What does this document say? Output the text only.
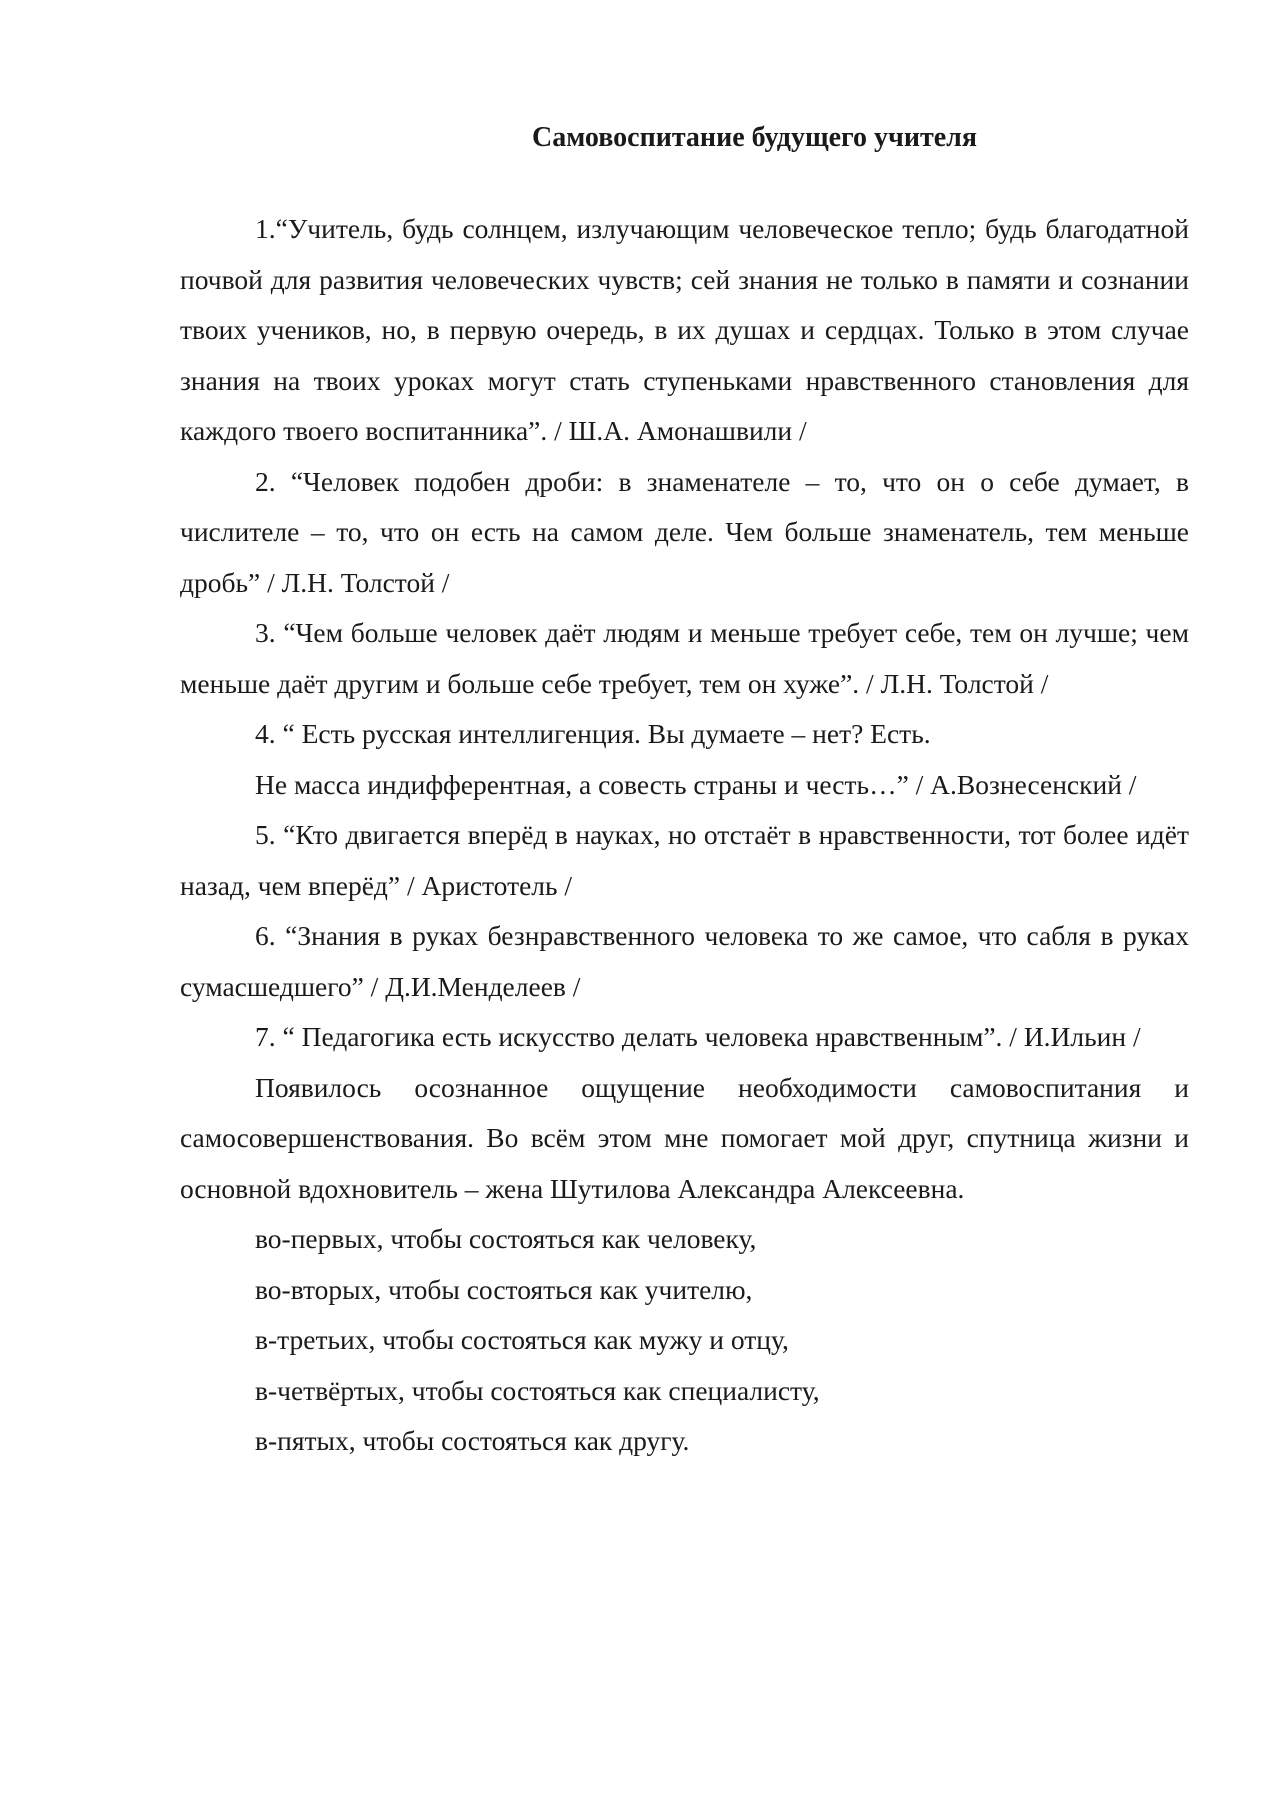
Самовоспитание будущего учителя

1.“Учитель, будь солнцем, излучающим человеческое тепло; будь благодатной почвой для развития человеческих чувств; сей знания не только в памяти и сознании твоих учеников, но, в первую очередь, в их душах и сердцах. Только в этом случае знания на твоих уроках могут стать ступеньками нравственного становления для каждого твоего воспитанника”. / Ш.А. Амонашвили /

2. “Человек подобен дроби: в знаменателе – то, что он о себе думает, в числителе – то, что он есть на самом деле. Чем больше знаменатель, тем меньше дробь” / Л.Н. Толстой /

3. “Чем больше человек даёт людям и меньше требует себе, тем он лучше; чем меньше даёт другим и больше себе требует, тем он хуже”. / Л.Н. Толстой /

4. “ Есть русская интеллигенция. Вы думаете – нет? Есть.

Не масса индифферентная, а совесть страны и честь…” / А.Вознесенский /

5. “Кто двигается вперёд в науках, но отстаёт в нравственности, тот более идёт назад, чем вперёд” / Аристотель /

6. “Знания в руках безнравственного человека то же самое, что сабля в руках сумасшедшего” / Д.И.Менделеев /

7. “ Педагогика есть искусство делать человека нравственным”. / И.Ильин /

Появилось осознанное ощущение необходимости самовоспитания и самосовершенствования. Во всём этом мне помогает мой друг, спутница жизни и основной вдохновитель – жена Шутилова Александра Алексеевна.

во-первых, чтобы состояться как человеку,

во-вторых, чтобы состояться как учителю,

в-третьих, чтобы состояться как мужу и отцу,

в-четвёртых, чтобы состояться как специалисту,

в-пятых, чтобы состояться как другу.
